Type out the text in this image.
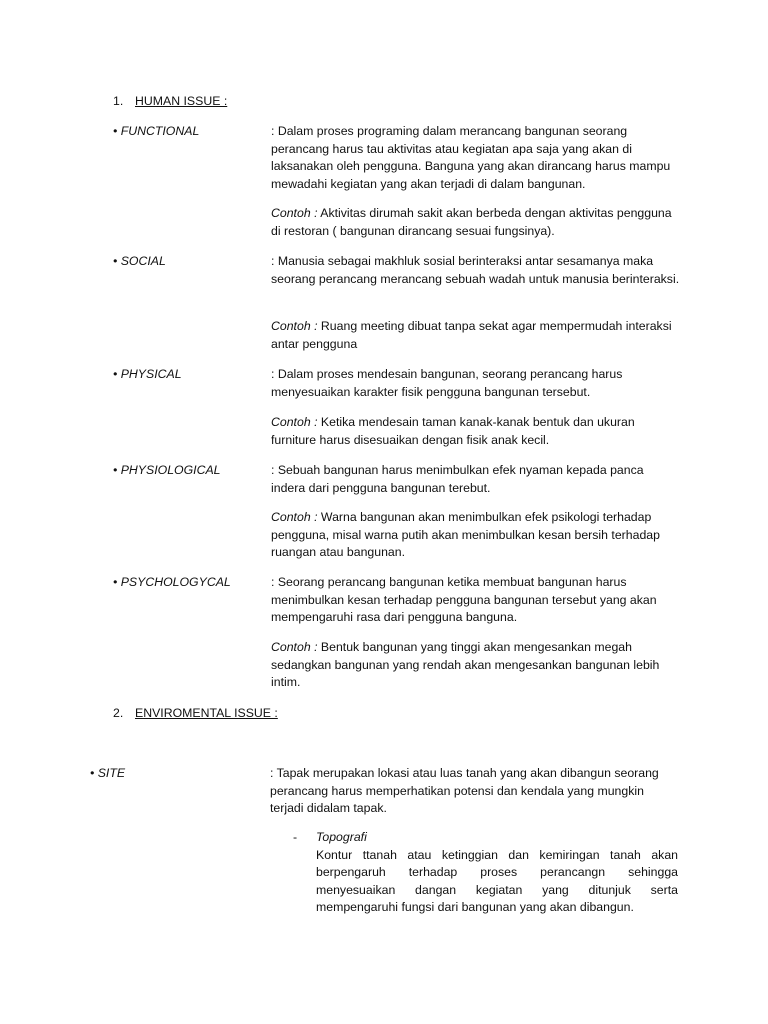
1. HUMAN ISSUE :
• FUNCTIONAL	: Dalam proses programing dalam merancang bangunan seorang perancang harus tau aktivitas atau kegiatan apa saja yang akan di laksanakan oleh pengguna. Banguna yang akan dirancang harus mampu mewadahi kegiatan yang akan terjadi di dalam bangunan.
Contoh : Aktivitas dirumah sakit akan berbeda dengan aktivitas pengguna di restoran ( bangunan dirancang sesuai fungsinya).
• SOCIAL	: Manusia sebagai makhluk sosial berinteraksi antar sesamanya maka seorang perancang merancang sebuah wadah untuk manusia berinteraksi.
Contoh : Ruang meeting dibuat tanpa sekat agar mempermudah interaksi antar pengguna
• PHYSICAL	: Dalam proses mendesain bangunan, seorang perancang harus menyesuaikan karakter fisik pengguna bangunan tersebut.
Contoh : Ketika mendesain taman kanak-kanak bentuk dan ukuran furniture harus disesuaikan dengan fisik anak kecil.
• PHYSIOLOGICAL	: Sebuah bangunan harus menimbulkan efek nyaman kepada panca indera dari pengguna bangunan terebut.
Contoh : Warna bangunan akan menimbulkan efek psikologi terhadap pengguna, misal warna putih akan menimbulkan kesan bersih terhadap ruangan atau bangunan.
• PSYCHOLOGYCAL	: Seorang perancang bangunan ketika membuat bangunan harus menimbulkan kesan terhadap pengguna bangunan tersebut yang akan mempengaruhi rasa dari pengguna banguna.
Contoh : Bentuk bangunan yang tinggi akan mengesankan megah sedangkan bangunan yang rendah akan mengesankan bangunan lebih intim.
2. ENVIROMENTAL ISSUE :
• SITE	: Tapak merupakan lokasi atau luas tanah yang akan dibangun seorang perancang harus memperhatikan potensi dan kendala yang mungkin terjadi didalam tapak.
- Topografi
Kontur ttanah atau ketinggian dan kemiringan tanah akan berpengaruh terhadap proses perancangn sehingga menyesuaikan dangan kegiatan yang ditunjuk serta mempengaruhi fungsi dari bangunan yang akan dibangun.
